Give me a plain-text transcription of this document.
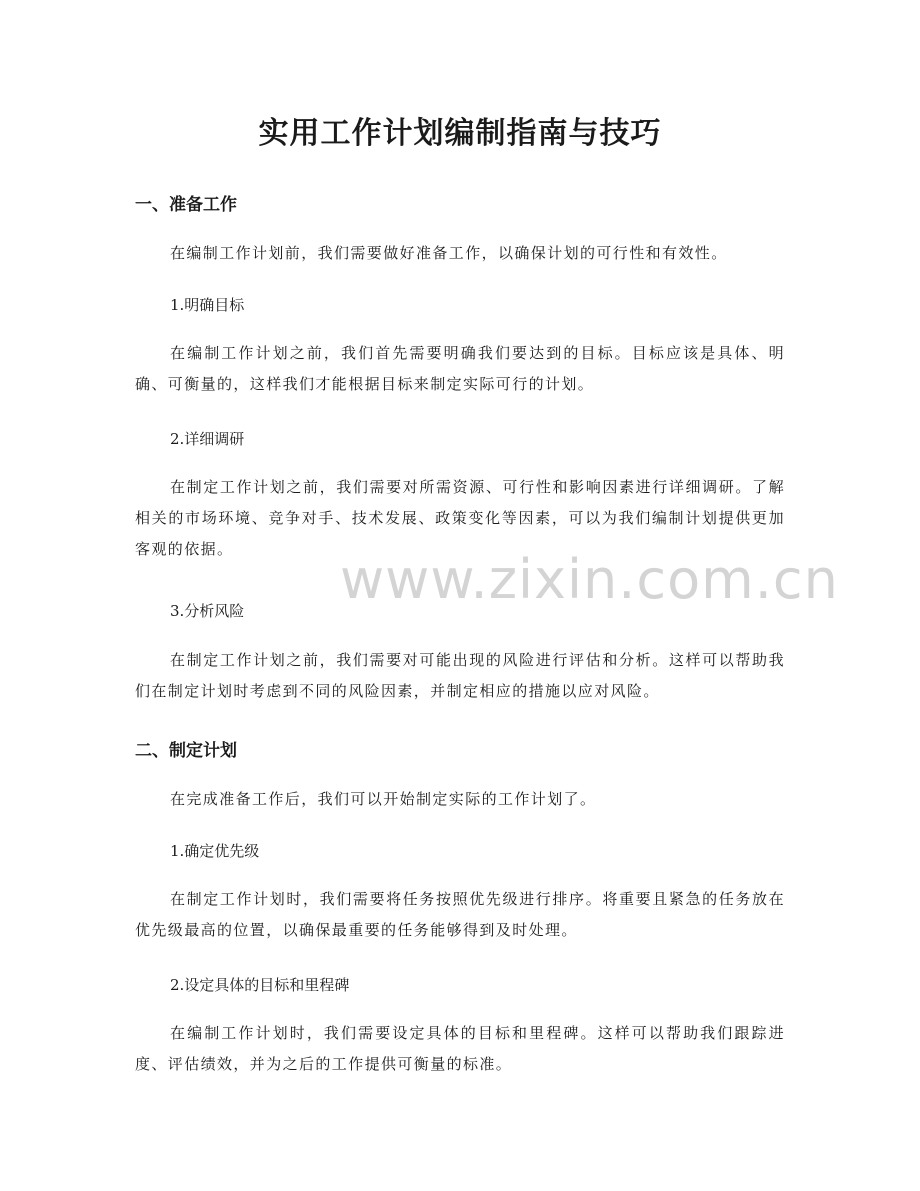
实用工作计划编制指南与技巧
一、准备工作

在编制工作计划前，我们需要做好准备工作，以确保计划的可行性和有效性。

1.明确目标

在编制工作计划之前，我们首先需要明确我们要达到的目标。目标应该是具体、明确、可衡量的，这样我们才能根据目标来制定实际可行的计划。

2.详细调研

在制定工作计划之前，我们需要对所需资源、可行性和影响因素进行详细调研。了解相关的市场环境、竞争对手、技术发展、政策变化等因素，可以为我们编制计划提供更加客观的依据。

3.分析风险

在制定工作计划之前，我们需要对可能出现的风险进行评估和分析。这样可以帮助我们在制定计划时考虑到不同的风险因素，并制定相应的措施以应对风险。

二、制定计划

在完成准备工作后，我们可以开始制定实际的工作计划了。

1.确定优先级

在制定工作计划时，我们需要将任务按照优先级进行排序。将重要且紧急的任务放在优先级最高的位置，以确保最重要的任务能够得到及时处理。

2.设定具体的目标和里程碑

在编制工作计划时，我们需要设定具体的目标和里程碑。这样可以帮助我们跟踪进度、评估绩效，并为之后的工作提供可衡量的标准。

www.zixin.com.cn
